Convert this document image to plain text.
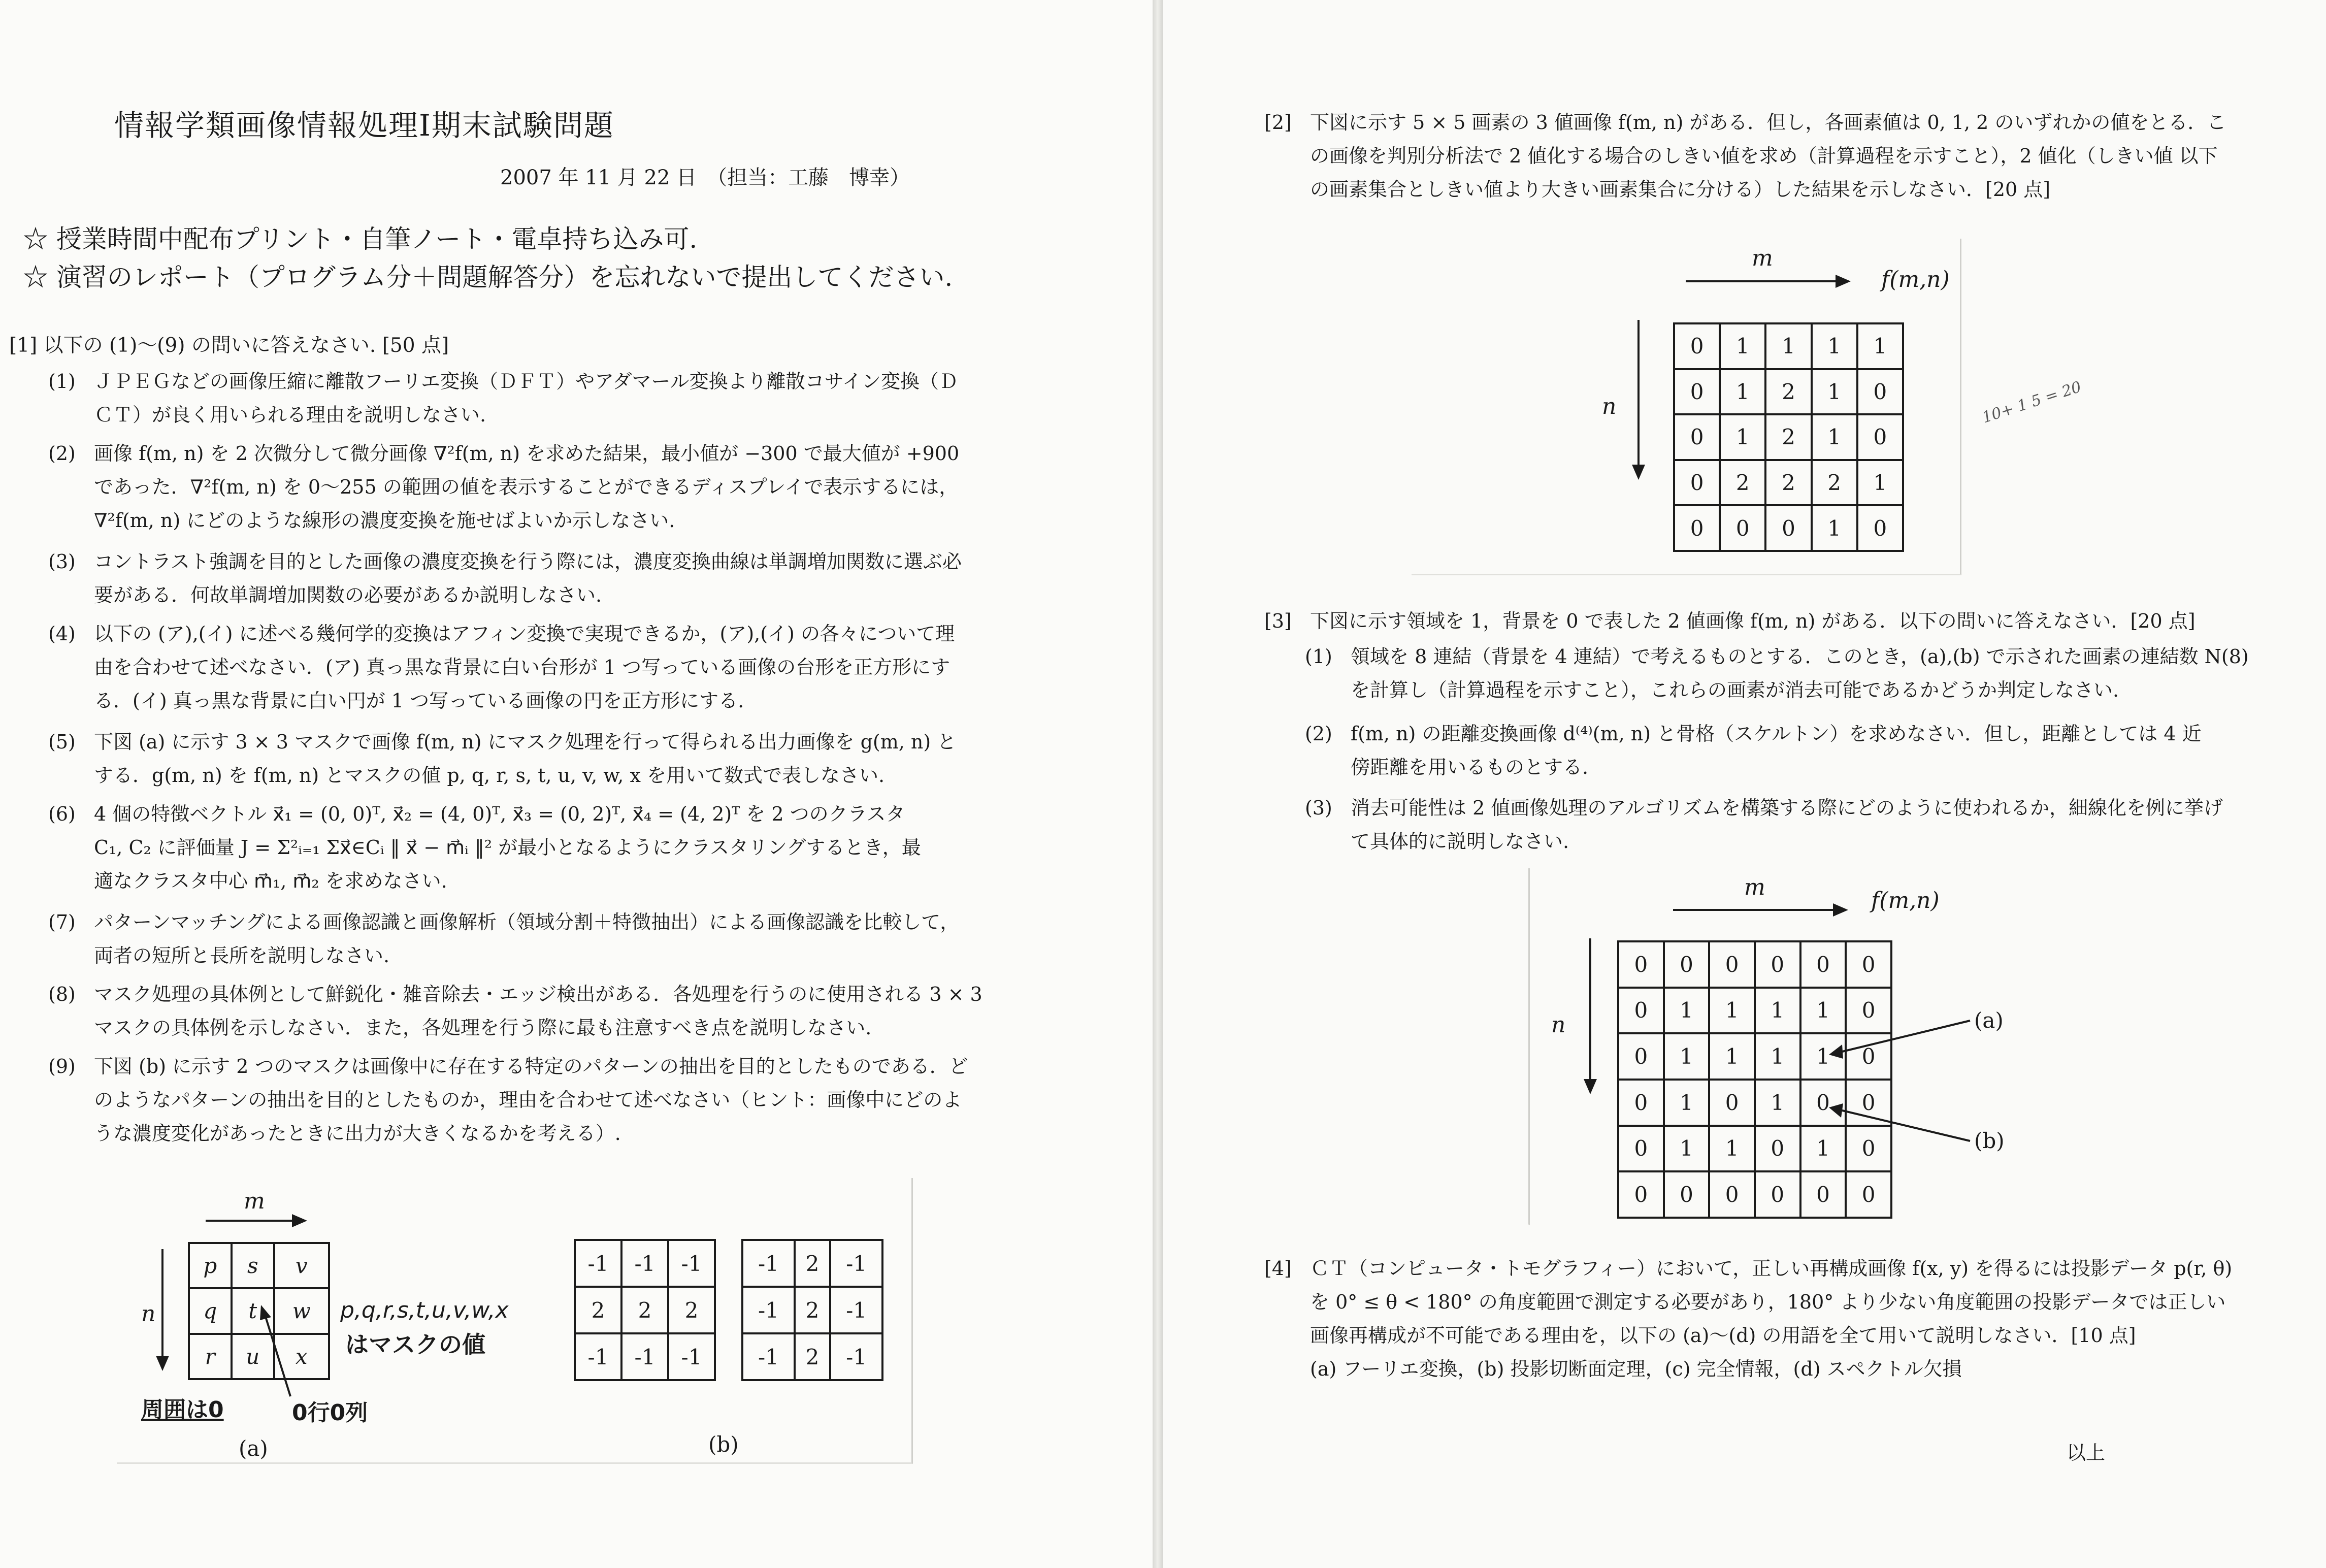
情報学類画像情報処理Ⅰ期末試験問題
2007 年 11 月 22 日　（担当：工藤　博幸）
☆ 授業時間中配布プリント・自筆ノート・電卓持ち込み可.
☆ 演習のレポート（プログラム分＋問題解答分）を忘れないで提出してください.
[1] 以下の (1)～(9) の問いに答えなさい. [50 点]
(1) ＪＰＥＧなどの画像圧縮に離散フーリエ変換（ＤＦＴ）やアダマール変換より離散コサイン変換（Ｄ
ＣＴ）が良く用いられる理由を説明しなさい.
(2) 画像 f(m, n) を 2 次微分して微分画像 ∇²f(m, n) を求めた結果，最小値が −300 で最大値が +900
であった．∇²f(m, n) を 0～255 の範囲の値を表示することができるディスプレイで表示するには，
∇²f(m, n) にどのような線形の濃度変換を施せばよいか示しなさい.
(3) コントラスト強調を目的とした画像の濃度変換を行う際には，濃度変換曲線は単調増加関数に選ぶ必
要がある．何故単調増加関数の必要があるか説明しなさい.
(4) 以下の (ア),(イ) に述べる幾何学的変換はアフィン変換で実現できるか，(ア),(イ) の各々について理
由を合わせて述べなさい．(ア) 真っ黒な背景に白い台形が 1 つ写っている画像の台形を正方形にす
る．(イ) 真っ黒な背景に白い円が 1 つ写っている画像の円を正方形にする.
(5) 下図 (a) に示す 3 × 3 マスクで画像 f(m, n) にマスク処理を行って得られる出力画像を g(m, n) と
する．g(m, n) を f(m, n) とマスクの値 p, q, r, s, t, u, v, w, x を用いて数式で表しなさい.
(6) 4 個の特徴ベクトル x⃗₁ = (0, 0)ᵀ, x⃗₂ = (4, 0)ᵀ, x⃗₃ = (0, 2)ᵀ, x⃗₄ = (4, 2)ᵀ を 2 つのクラスタ
C₁, C₂ に評価量 J = Σ²ᵢ₌₁ Σx⃗∈Cᵢ ‖ x⃗ − m⃗ᵢ ‖² が最小となるようにクラスタリングするとき，最
適なクラスタ中心 m⃗₁, m⃗₂ を求めなさい.
(7) パターンマッチングによる画像認識と画像解析（領域分割＋特徴抽出）による画像認識を比較して，
両者の短所と長所を説明しなさい.
(8) マスク処理の具体例として鮮鋭化・雑音除去・エッジ検出がある．各処理を行うのに使用される 3 × 3
マスクの具体例を示しなさい．また，各処理を行う際に最も注意すべき点を説明しなさい.
(9) 下図 (b) に示す 2 つのマスクは画像中に存在する特定のパターンの抽出を目的としたものである．ど
のようなパターンの抽出を目的としたものか，理由を合わせて述べなさい（ヒント：画像中にどのよ
うな濃度変化があったときに出力が大きくなるかを考える）.
m
n
p	s	v
q	t	w
r	u	x
p,q,r,s,t,u,v,w,x
はマスクの値
周囲は0	0行0列
(a)
-1	-1	-1
2	2	2
-1	-1	-1
-1	2	-1
-1	2	-1
-1	2	-1
(b)
[2] 下図に示す 5 × 5 画素の 3 値画像 f(m, n) がある．但し，各画素値は 0, 1, 2 のいずれかの値をとる．こ
の画像を判別分析法で 2 値化する場合のしきい値を求め（計算過程を示すこと），2 値化（しきい値 以下
の画素集合としきい値より大きい画素集合に分ける）した結果を示しなさい．[20 点]
m
f(m,n)
n
0	1	1	1	1
0	1	2	1	0
0	1	2	1	0
0	2	2	2	1
0	0	0	1	0
10+ 1 5 = 20
[3] 下図に示す領域を 1，背景を 0 で表した 2 値画像 f(m, n) がある．以下の問いに答えなさい．[20 点]
(1) 領域を 8 連結（背景を 4 連結）で考えるものとする．このとき，(a),(b) で示された画素の連結数 N(8)
を計算し（計算過程を示すこと），これらの画素が消去可能であるかどうか判定しなさい.
(2) f(m, n) の距離変換画像 d⁽⁴⁾(m, n) と骨格（スケルトン）を求めなさい．但し，距離としては 4 近
傍距離を用いるものとする.
(3) 消去可能性は 2 値画像処理のアルゴリズムを構築する際にどのように使われるか，細線化を例に挙げ
て具体的に説明しなさい.
m
f(m,n)
n
0	0	0	0	0	0
0	1	1	1	1	0
0	1	1	1	1	0
0	1	0	1	0	0
0	1	1	0	1	0
0	0	0	0	0	0
(a)
(b)
[4] ＣＴ（コンピュータ・トモグラフィー）において，正しい再構成画像 f(x, y) を得るには投影データ p(r, θ)
を 0° ≤ θ < 180° の角度範囲で測定する必要があり，180° より少ない角度範囲の投影データでは正しい
画像再構成が不可能である理由を，以下の (a)～(d) の用語を全て用いて説明しなさい．[10 点]
(a) フーリエ変換，(b) 投影切断面定理，(c) 完全情報，(d) スペクトル欠損
以上
